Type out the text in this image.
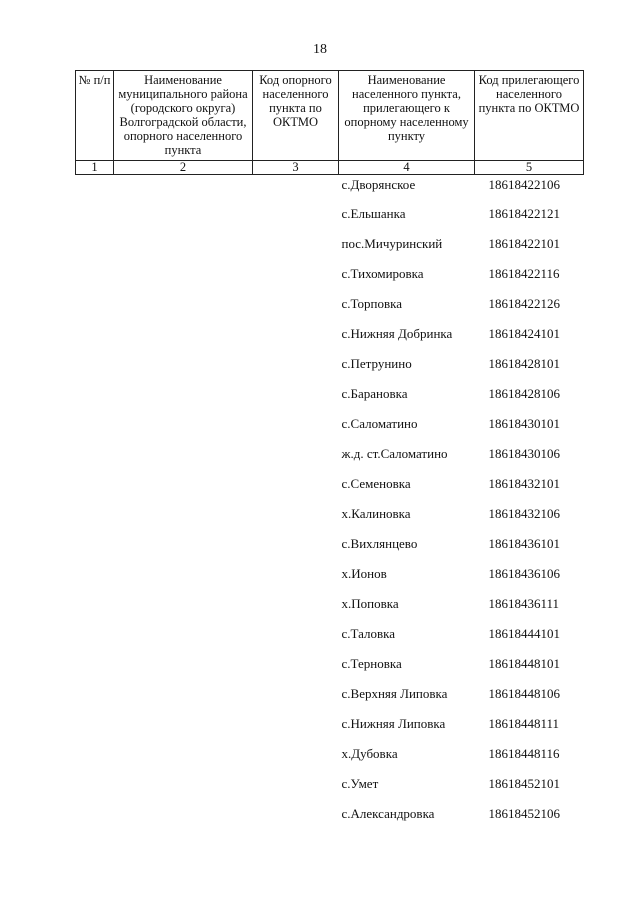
18
№ п/п	Наименование муниципального района (городского округа) Волгоградской области, опорного населенного пункта	Код опорного населенного пункта по ОКТМО	Наименование населенного пункта, прилегающего к опорному населенному пункту	Код прилегающего населенного пункта по ОКТМО
1	2	3	4	5
			с.Дворянское	18618422106
			с.Ельшанка	18618422121
			пос.Мичуринский	18618422101
			с.Тихомировка	18618422116
			с.Торповка	18618422126
			с.Нижняя Добринка	18618424101
			с.Петрунино	18618428101
			с.Барановка	18618428106
			с.Саломатино	18618430101
			ж.д. ст.Саломатино	18618430106
			с.Семеновка	18618432101
			х.Калиновка	18618432106
			с.Вихлянцево	18618436101
			х.Ионов	18618436106
			х.Поповка	18618436111
			с.Таловка	18618444101
			с.Терновка	18618448101
			с.Верхняя Липовка	18618448106
			с.Нижняя Липовка	18618448111
			х.Дубовка	18618448116
			с.Умет	18618452101
			с.Александровка	18618452106
